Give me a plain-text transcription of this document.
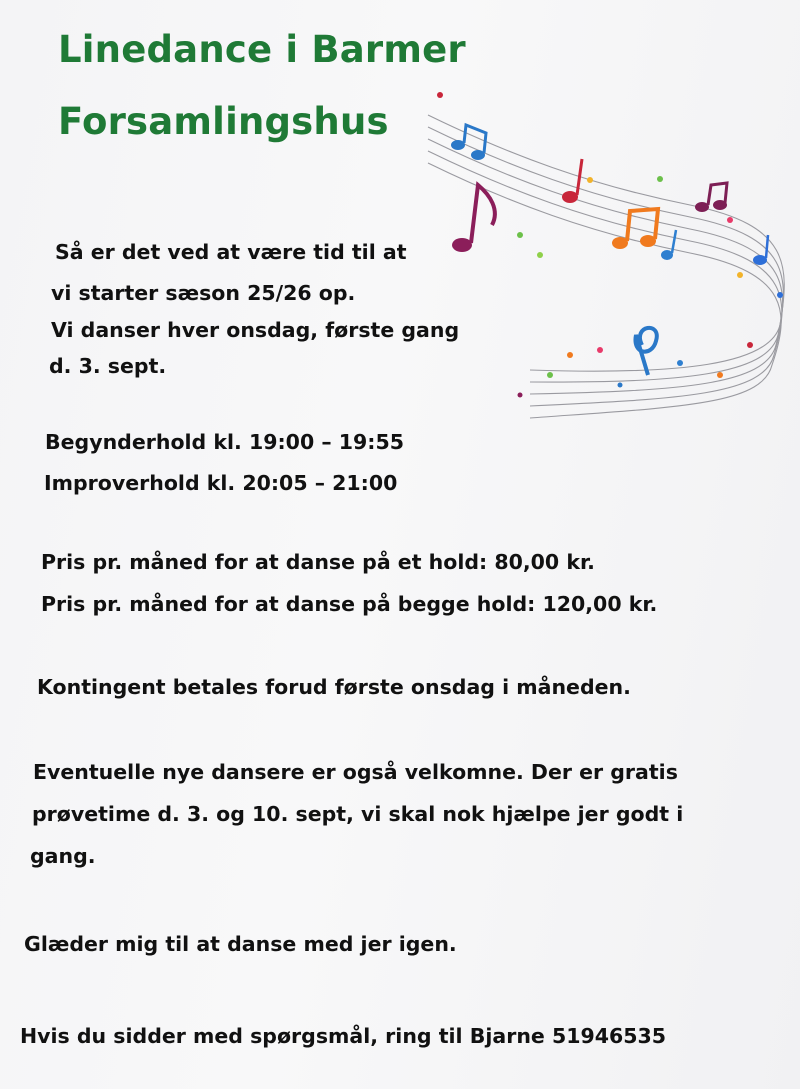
Linedance i Barmer
Forsamlingshus

Så er det ved at være tid til at

vi starter sæson 25/26 op.

Vi danser hver onsdag, første gang

d. 3. sept.

Begynderhold kl. 19:00 – 19:55

Improverhold kl. 20:05 – 21:00

Pris pr. måned for at danse på et hold: 80,00 kr.

Pris pr. måned for at danse på begge hold: 120,00 kr.

Kontingent betales forud første onsdag i måneden.

Eventuelle nye dansere er også velkomne. Der er gratis

prøvetime d. 3. og 10. sept, vi skal nok hjælpe jer godt i

gang.

Glæder mig til at danse med jer igen.

Hvis du sidder med spørgsmål, ring til Bjarne 51946535
